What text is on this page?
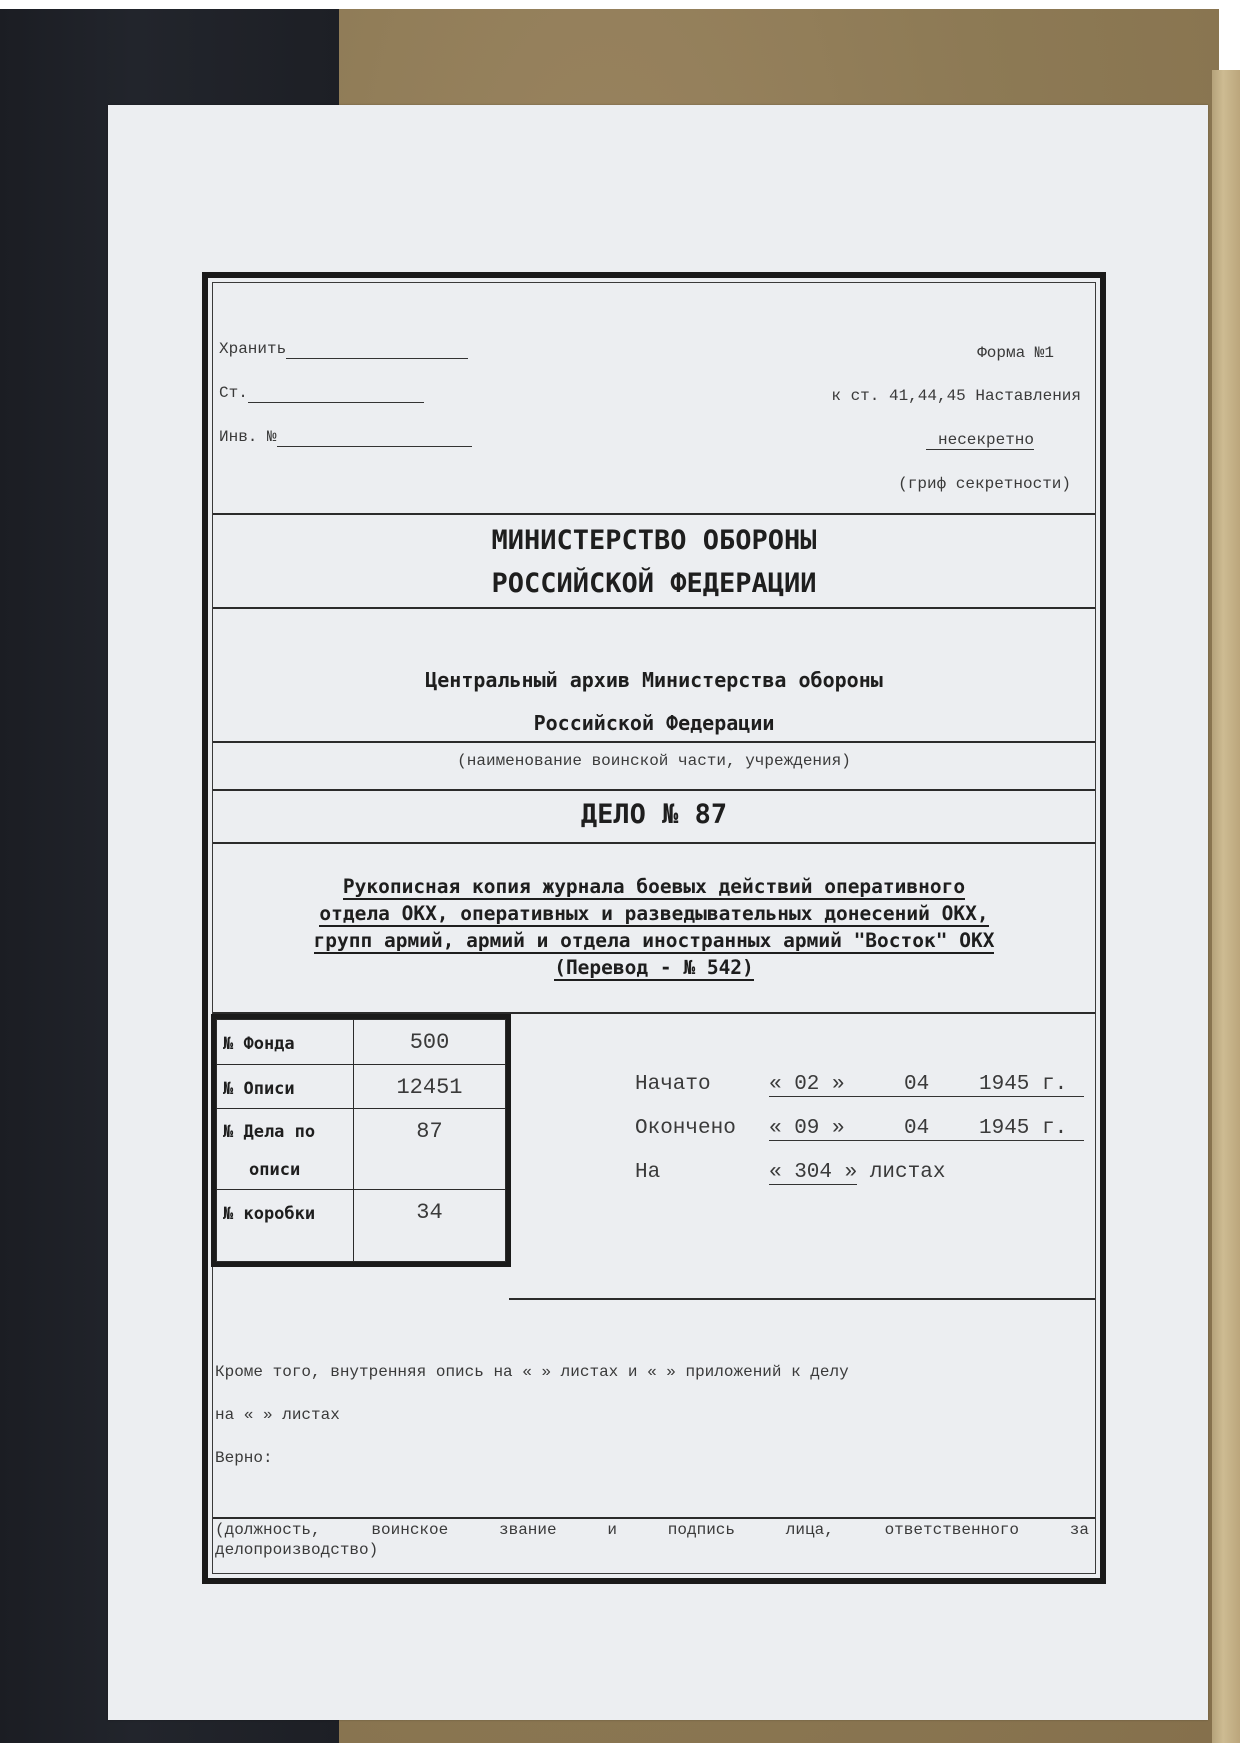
Хранить
Ст.
Инв. №
Форма №1
к ст. 41,44,45 Наставления
несекретно
(гриф секретности)
МИНИСТЕРСТВО ОБОРОНЫ
РОССИЙСКОЙ ФЕДЕРАЦИИ
Центральный архив Министерства обороны
Российской Федерации
(наименование воинской части, учреждения)
ДЕЛО № 87
Рукописная копия журнала боевых действий оперативного
отдела ОКХ, оперативных и разведывательных донесений ОКХ,
групп армий, армий и отдела иностранных армий "Восток" ОКХ
(Перевод - № 542)
№ Фонда	500
№ Описи	12451

№ Дела по
описи	87
№ коробки	34
Начато	« 02 »	04 1945 г.
Окончено « 09 »	04 1945 г.
На	« 304 » листах
Кроме того, внутренняя опись на « » листах и « » приложений к делу
на « » листах
Верно:
(должность,	воинское	звание	и	подпись	лица,	ответственного	за
делопроизводство)
